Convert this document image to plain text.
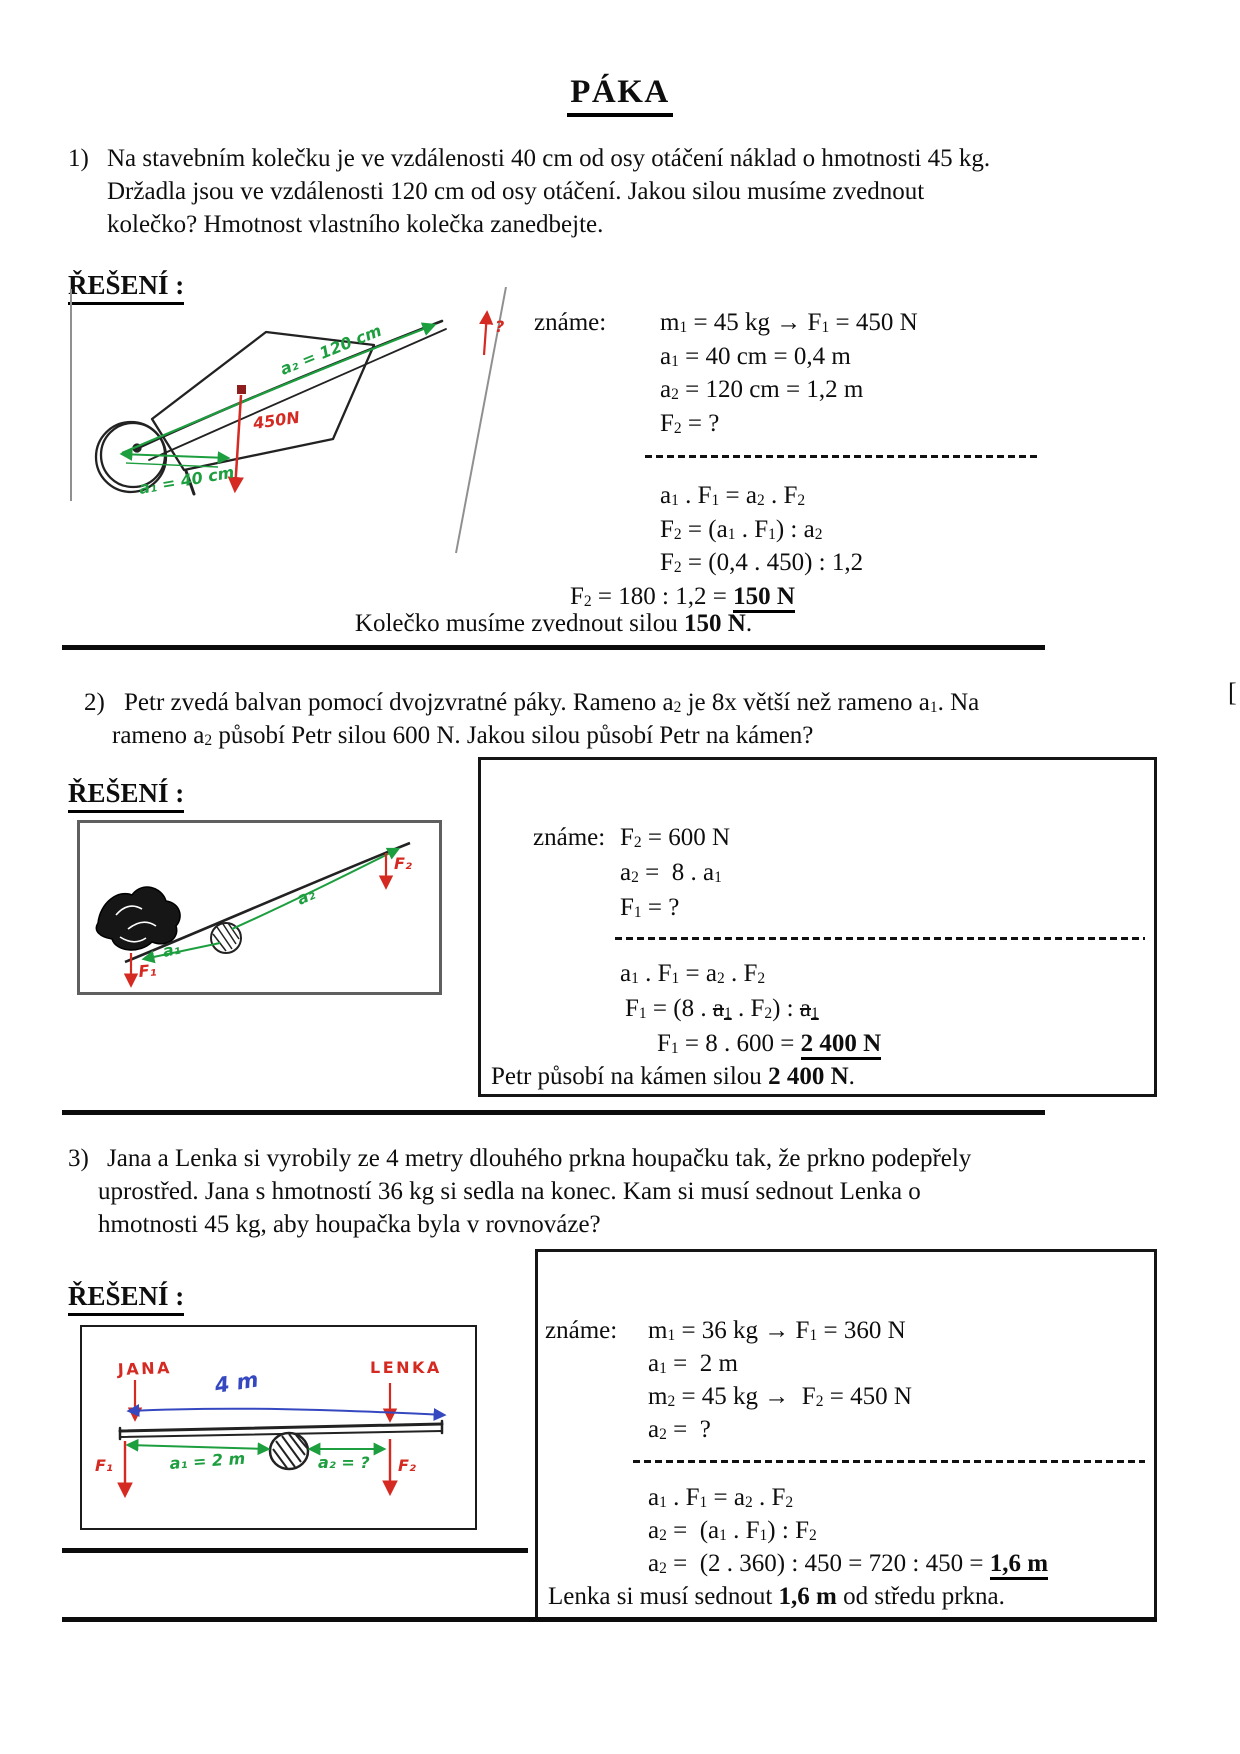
PÁKA
1) Na stavebním kolečku je ve vzdálenosti 40 cm od osy otáčení náklad o hmotnosti 45 kg.
Držadla jsou ve vzdálenosti 120 cm od osy otáčení. Jakou silou musíme zvednout
kolečko? Hmotnost vlastního kolečka zanedbejte.
ŘEŠENÍ :
a₂ = 120 cm
450N
a₁ = 40 cm
? známe: $m_1 = 45$ kg → $F_1 = 450$ N
$a_1 = 40$ cm = 0,4 m
$a_2 = 120$ cm = 1,2 m
$F_2$ = ?
$a_1$ . $F_1 = a_2$ . $F_2$
$F_2 = (a_1$ . $F_1$) : $a_2$
$F_2 = (0,4$ . 450) : 1,2
$F_2 = 180$ : 1,2 = 150 N
Kolečko musíme zvednout silou 150 N.
2) Petr zvedá balvan pomocí dvojzvratné páky. Rameno $a_2$ je 8x větší než rameno $a_1$. Na
rameno $a_2$ působí Petr silou 600 N. Jakou silou působí Petr na kámen?
[
ŘEŠENÍ :
a₁
a₂
F₁
F₂
známe: $F_2 = 600$ N
$a_2 = 8$ . $a_1$
$F_1$ = ?
$a_1$ . $F_1 = a_2$ . $F_2$
$F_1 = (8$ . $a_1$ . $F_2$) : $a_1$
$F_1 = 8$ . 600 = 2 400 N
Petr působí na kámen silou 2 400 N.
3) Jana a Lenka si vyrobily ze 4 metry dlouhého prkna houpačku tak, že prkno podepřely
uprostřed. Jana s hmotností 36 kg si sedla na konec. Kam si musí sednout Lenka o
hmotnosti 45 kg, aby houpačka byla v rovnováze?
ŘEŠENÍ :
JANA	LENKA
4 m
a₁ = 2 m	a₂ = ?
F₁	F₂
známe: $m_1 = 36$ kg → $F_1 = 360$ N
$a_1 = 2$ m
$m_2 = 45$ kg →  $F_2 = 450$ N
$a_2$ =  ?
$a_1$ . $F_1 = a_2$ . $F_2$
$a_2 = (a_1$ . $F_1$) : $F_2$
$a_2 = (2$ . 360) : 450 = 720 : 450 = 1,6 m
Lenka si musí sednout 1,6 m od středu prkna.
